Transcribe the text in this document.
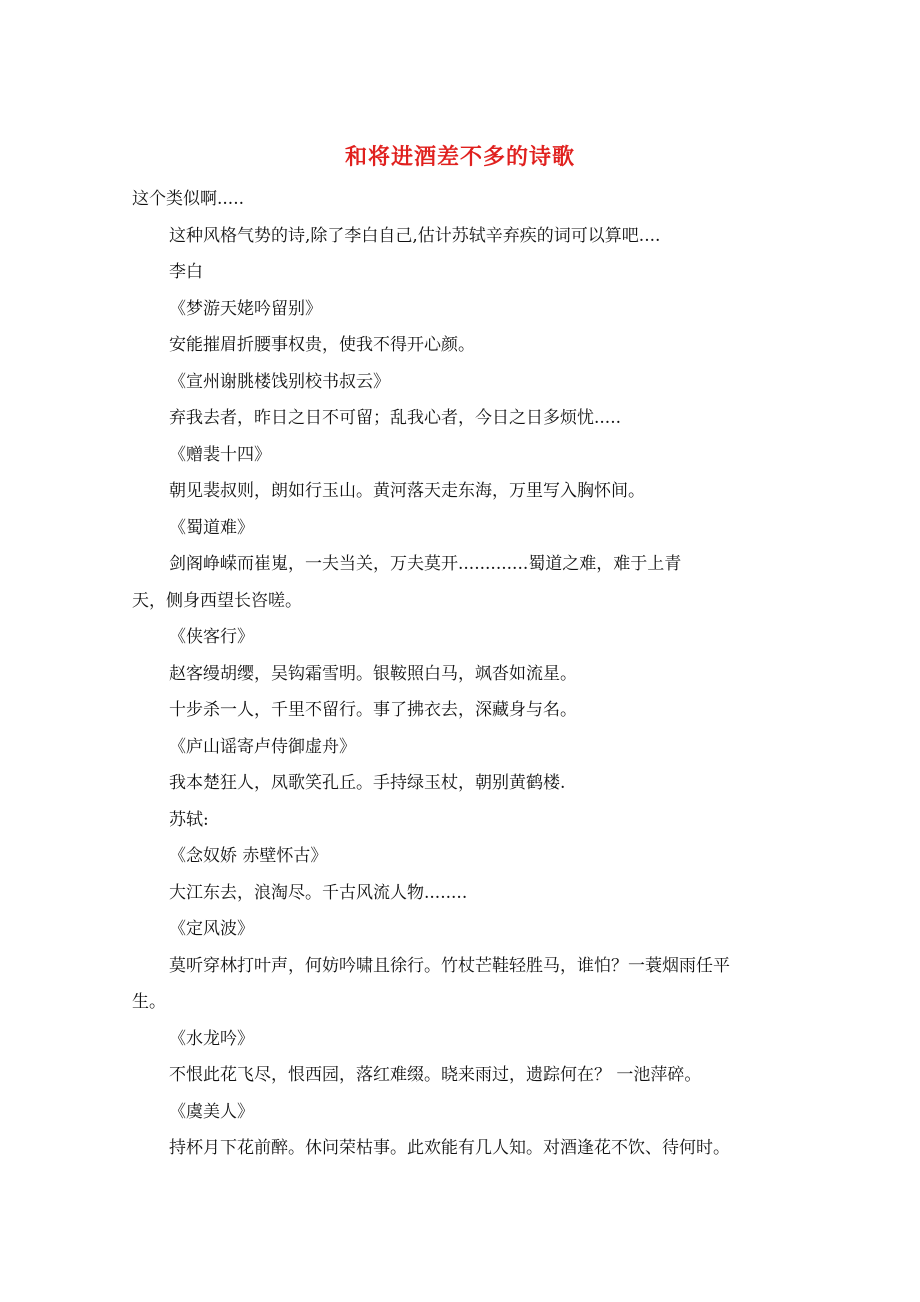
和将进酒差不多的诗歌
这个类似啊.....
这种风格气势的诗,除了李白自己,估计苏轼辛弃疾的词可以算吧....
李白
《梦游天姥吟留别》
安能摧眉折腰事权贵，使我不得开心颜。
《宣州谢朓楼饯别校书叔云》
弃我去者，昨日之日不可留；乱我心者，今日之日多烦忧.....
《赠裴十四》
朝见裴叔则，朗如行玉山。黄河落天走东海，万里写入胸怀间。
《蜀道难》
剑阁峥嵘而崔嵬，一夫当关，万夫莫开.............蜀道之难，难于上青
天，侧身西望长咨嗟。
《侠客行》
赵客缦胡缨，吴钩霜雪明。银鞍照白马，飒沓如流星。
十步杀一人，千里不留行。事了拂衣去，深藏身与名。
《庐山谣寄卢侍御虚舟》
我本楚狂人，凤歌笑孔丘。手持绿玉杖，朝别黄鹤楼.
苏轼:
《念奴娇 赤壁怀古》
大江东去，浪淘尽。千古风流人物........
《定风波》
莫听穿林打叶声，何妨吟啸且徐行。竹杖芒鞋轻胜马，谁怕？一蓑烟雨任平
生。
《水龙吟》
不恨此花飞尽，恨西园，落红难缀。晓来雨过，遗踪何在？ 一池萍碎。
《虞美人》
持杯月下花前醉。休问荣枯事。此欢能有几人知。对酒逢花不饮、待何时。
